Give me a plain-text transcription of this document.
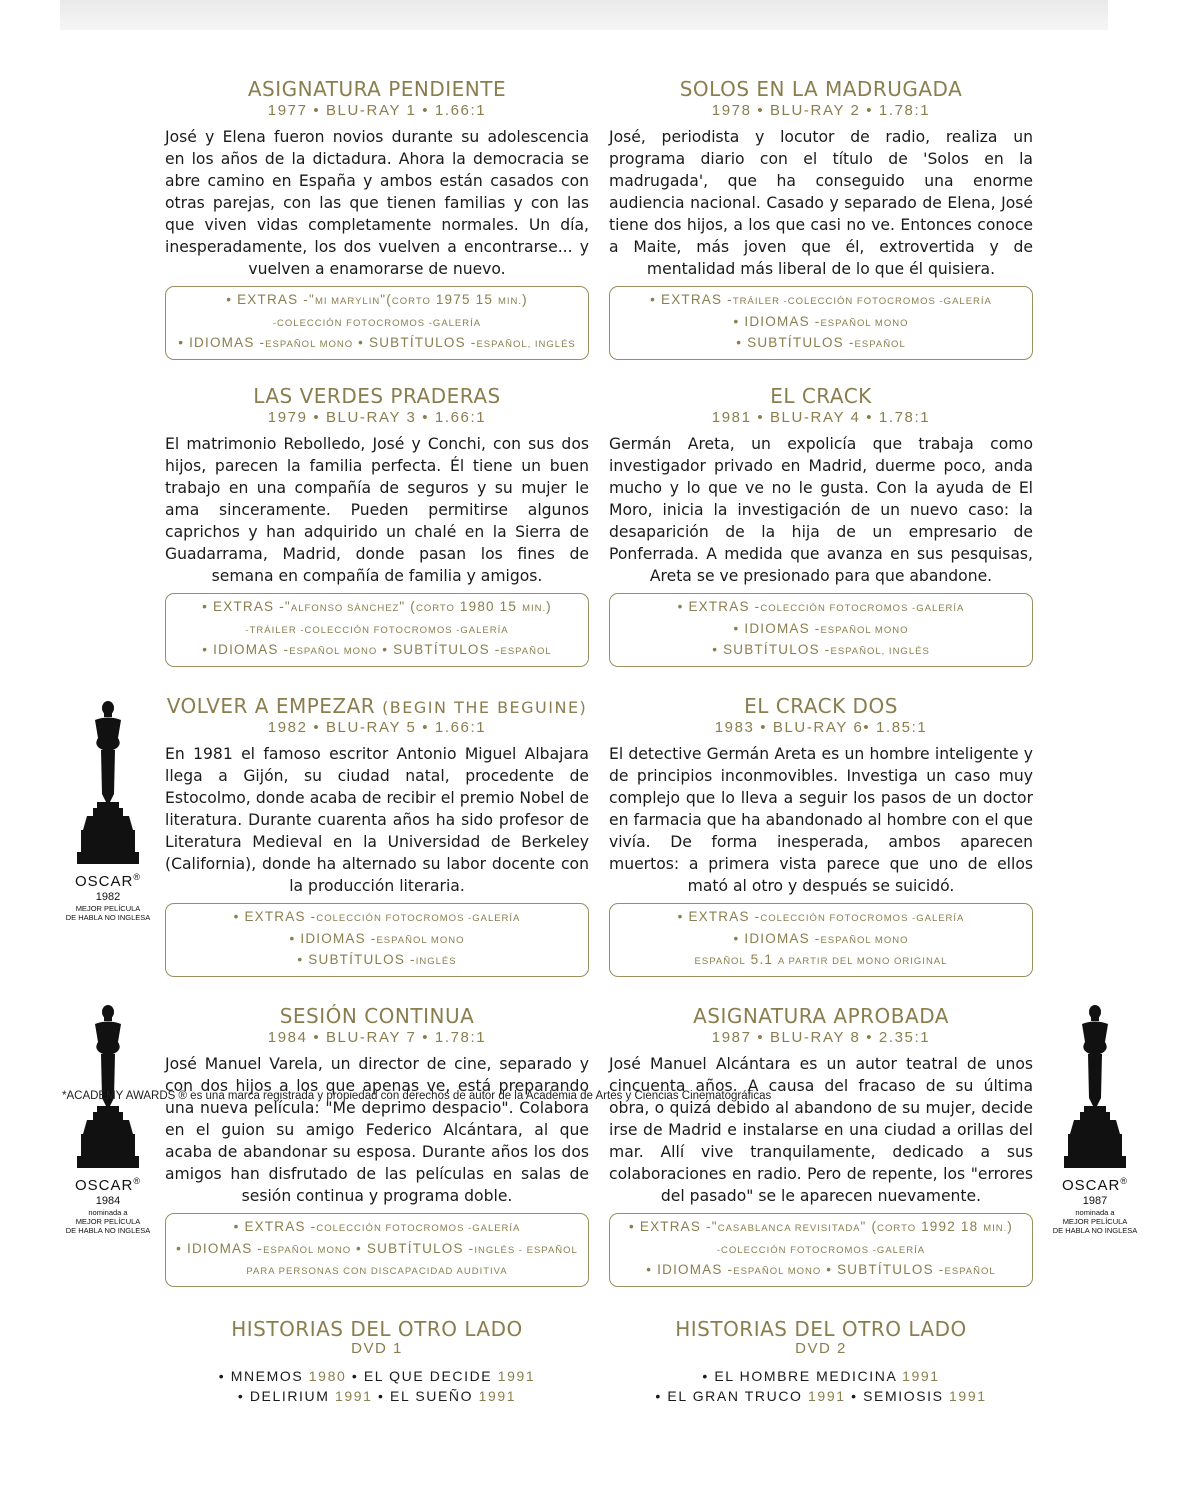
ASIGNATURA PENDIENTE
1977 • BLU-RAY 1 • 1.66:1
José y Elena fueron novios durante su adolescencia en los años de la dictadura. Ahora la democracia se abre camino en España y ambos están casados con otras parejas, con las que tienen familias y con las que viven vidas completamente normales. Un día, inesperadamente, los dos vuelven a encontrarse... y vuelven a enamorarse de nuevo.
• EXTRAS -"MI MARYLIN"(CORTO 1975 15 MIN.)
-COLECCIÓN FOTOCROMOS -GALERÍA
• IDIOMAS -ESPAÑOL MONO • SUBTÍTULOS -ESPAÑOL, INGLÉS
SOLOS EN LA MADRUGADA
1978 • BLU-RAY 2 • 1.78:1
José, periodista y locutor de radio, realiza un programa diario con el título de 'Solos en la madrugada', que ha conseguido una enorme audiencia nacional. Casado y separado de Elena, José tiene dos hijos, a los que casi no ve. Entonces conoce a Maite, más joven que él, extrovertida y de mentalidad más liberal de lo que él quisiera.
• EXTRAS -TRÁILER -COLECCIÓN FOTOCROMOS -GALERÍA
• IDIOMAS -ESPAÑOL MONO
• SUBTÍTULOS -ESPAÑOL
LAS VERDES PRADERAS
1979 • BLU-RAY 3 • 1.66:1
El matrimonio Rebolledo, José y Conchi, con sus dos hijos, parecen la familia perfecta. Él tiene un buen trabajo en una compañía de seguros y su mujer le ama sinceramente. Pueden permitirse algunos caprichos y han adquirido un chalé en la Sierra de Guadarrama, Madrid, donde pasan los fines de semana en compañía de familia y amigos.
• EXTRAS -"ALFONSO SÁNCHEZ" (CORTO 1980 15 MIN.)
-TRÁILER -COLECCIÓN FOTOCROMOS -GALERÍA
• IDIOMAS -ESPAÑOL MONO • SUBTÍTULOS -ESPAÑOL
EL CRACK
1981 • BLU-RAY 4 • 1.78:1
Germán Areta, un expolicía que trabaja como investigador privado en Madrid, duerme poco, anda mucho y lo que ve no le gusta. Con la ayuda de El Moro, inicia la investigación de un nuevo caso: la desaparición de la hija de un empresario de Ponferrada. A medida que avanza en sus pesquisas, Areta se ve presionado para que abandone.
• EXTRAS -COLECCIÓN FOTOCROMOS -GALERÍA
• IDIOMAS -ESPAÑOL MONO
• SUBTÍTULOS -ESPAÑOL, INGLÉS
VOLVER A EMPEZAR (BEGIN THE BEGUINE)
1982 • BLU-RAY 5 • 1.66:1
En 1981 el famoso escritor Antonio Miguel Albajara llega a Gijón, su ciudad natal, procedente de Estocolmo, donde acaba de recibir el premio Nobel de literatura. Durante cuarenta años ha sido profesor de Literatura Medieval en la Universidad de Berkeley (California), donde ha alternado su labor docente con la producción literaria.
• EXTRAS -COLECCIÓN FOTOCROMOS -GALERÍA
• IDIOMAS -ESPAÑOL MONO
• SUBTÍTULOS -INGLÉS
EL CRACK DOS
1983 • BLU-RAY 6• 1.85:1
El detective Germán Areta es un hombre inteligente y de principios inconmovibles. Investiga un caso muy complejo que lo lleva a seguir los pasos de un doctor en farmacia que ha abandonado al hombre con el que vivía. De forma inesperada, ambos aparecen muertos: a primera vista parece que uno de ellos mató al otro y después se suicidó.
• EXTRAS -COLECCIÓN FOTOCROMOS -GALERÍA
• IDIOMAS -ESPAÑOL MONO
ESPAÑOL 5.1 A PARTIR DEL MONO ORIGINAL
SESIÓN CONTINUA
1984 • BLU-RAY 7 • 1.78:1
José Manuel Varela, un director de cine, separado y con dos hijos a los que apenas ve, está preparando una nueva película: "Me deprimo despacio". Colabora en el guion su amigo Federico Alcántara, al que acaba de abandonar su esposa. Durante años los dos amigos han disfrutado de las películas en salas de sesión continua y programa doble.
• EXTRAS -COLECCIÓN FOTOCROMOS -GALERÍA
• IDIOMAS -ESPAÑOL MONO • SUBTÍTULOS -INGLÉS - ESPAÑOL
PARA PERSONAS CON DISCAPACIDAD AUDITIVA
ASIGNATURA APROBADA
1987 • BLU-RAY 8 • 2.35:1
José Manuel Alcántara es un autor teatral de unos cincuenta años. A causa del fracaso de su última obra, o quizá debido al abandono de su mujer, decide irse de Madrid e instalarse en una ciudad a orillas del mar. Allí vive tranquilamente, dedicado a sus colaboraciones en radio. Pero de repente, los "errores del pasado" se le aparecen nuevamente.
• EXTRAS -"CASABLANCA REVISITADA" (CORTO 1992 18 MIN.)
-COLECCIÓN FOTOCROMOS -GALERÍA
• IDIOMAS -ESPAÑOL MONO • SUBTÍTULOS -ESPAÑOL
OSCAR®
1982
MEJOR PELÍCULA
DE HABLA NO INGLESA
OSCAR®
1984
nominada a
MEJOR PELÍCULA
DE HABLA NO INGLESA
OSCAR®
1987
nominada a
MEJOR PELÍCULA
DE HABLA NO INGLESA
HISTORIAS DEL OTRO LADO
DVD 1
• MNEMOS 1980 • EL QUE DECIDE 1991
• DELIRIUM 1991 • EL SUEÑO 1991
HISTORIAS DEL OTRO LADO
DVD 2
• EL HOMBRE MEDICINA 1991
• EL GRAN TRUCO 1991 • SEMIOSIS 1991
*ACADEMY AWARDS ® es una marca registrada y propiedad con derechos de autor de la Academia de Artes y Ciencias Cinematográficas
